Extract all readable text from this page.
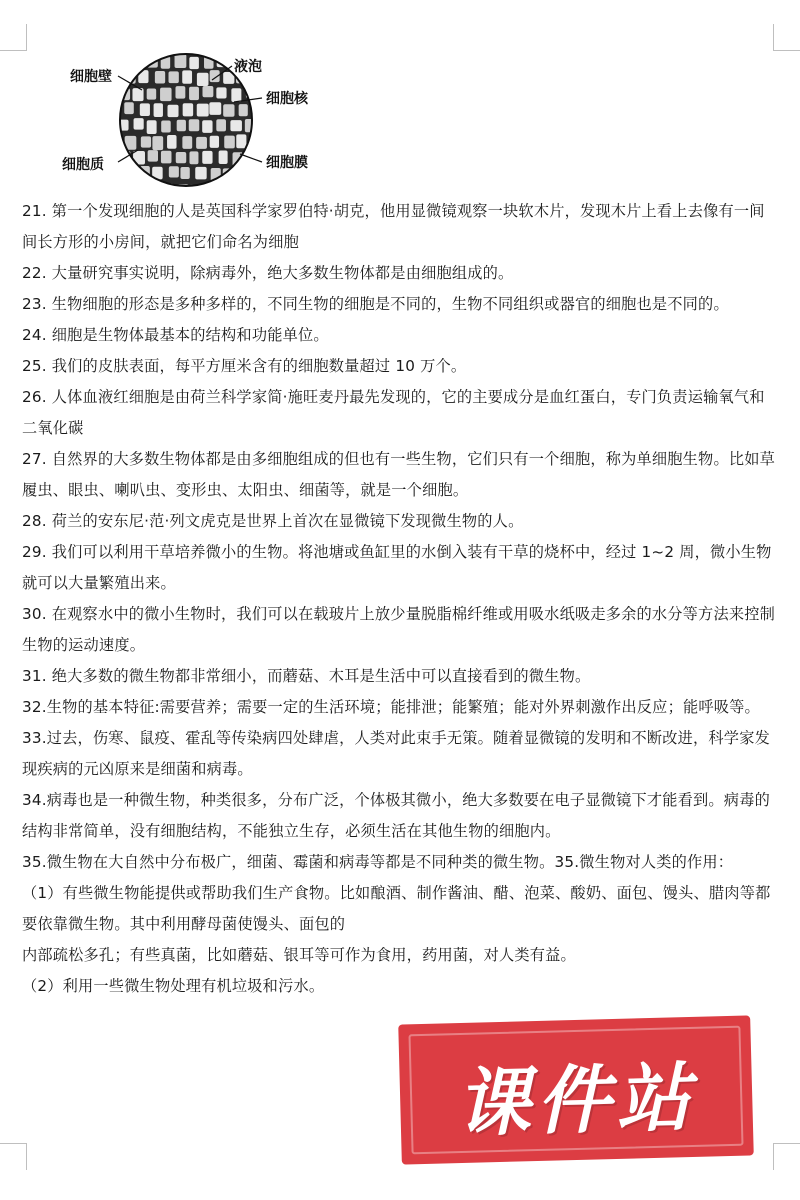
细胞壁
液泡
细胞核
细胞质	细胞膜

21. 第一个发现细胞的人是英国科学家罗伯特·胡克，他用显微镜观察一块软木片，发现木片上看上去像有一间间长方形的小房间，就把它们命名为细胞

22. 大量研究事实说明，除病毒外，绝大多数生物体都是由细胞组成的。

23. 生物细胞的形态是多种多样的，不同生物的细胞是不同的，生物不同组织或器官的细胞也是不同的。

24. 细胞是生物体最基本的结构和功能单位。

25. 我们的皮肤表面，每平方厘米含有的细胞数量超过 10 万个。

26. 人体血液红细胞是由荷兰科学家简·施旺麦丹最先发现的，它的主要成分是血红蛋白，专门负责运输氧气和二氧化碳

27. 自然界的大多数生物体都是由多细胞组成的但也有一些生物，它们只有一个细胞，称为单细胞生物。比如草履虫、眼虫、喇叭虫、变形虫、太阳虫、细菌等，就是一个细胞。

28. 荷兰的安东尼·范·列文虎克是世界上首次在显微镜下发现微生物的人。

29. 我们可以利用干草培养微小的生物。将池塘或鱼缸里的水倒入装有干草的烧杯中，经过 1~2 周，微小生物就可以大量繁殖出来。

30. 在观察水中的微小生物时，我们可以在载玻片上放少量脱脂棉纤维或用吸水纸吸走多余的水分等方法来控制生物的运动速度。

31. 绝大多数的微生物都非常细小，而蘑菇、木耳是生活中可以直接看到的微生物。

32.生物的基本特征:需要营养；需要一定的生活环境；能排泄；能繁殖；能对外界刺激作出反应；能呼吸等。

33.过去，伤寒、鼠疫、霍乱等传染病四处肆虐，人类对此束手无策。随着显微镜的发明和不断改进，科学家发现疾病的元凶原来是细菌和病毒。

34.病毒也是一种微生物，种类很多，分布广泛，个体极其微小，绝大多数要在电子显微镜下才能看到。病毒的结构非常简单，没有细胞结构，不能独立生存，必须生活在其他生物的细胞内。

35.微生物在大自然中分布极广，细菌、霉菌和病毒等都是不同种类的微生物。35.微生物对人类的作用：

（1）有些微生物能提供或帮助我们生产食物。比如酿酒、制作酱油、醋、泡菜、酸奶、面包、馒头、腊肉等都要依靠微生物。其中利用酵母菌使馒头、面包的

内部疏松多孔；有些真菌，比如蘑菇、银耳等可作为食用，药用菌，对人类有益。

（2）利用一些微生物处理有机垃圾和污水。

课件站
